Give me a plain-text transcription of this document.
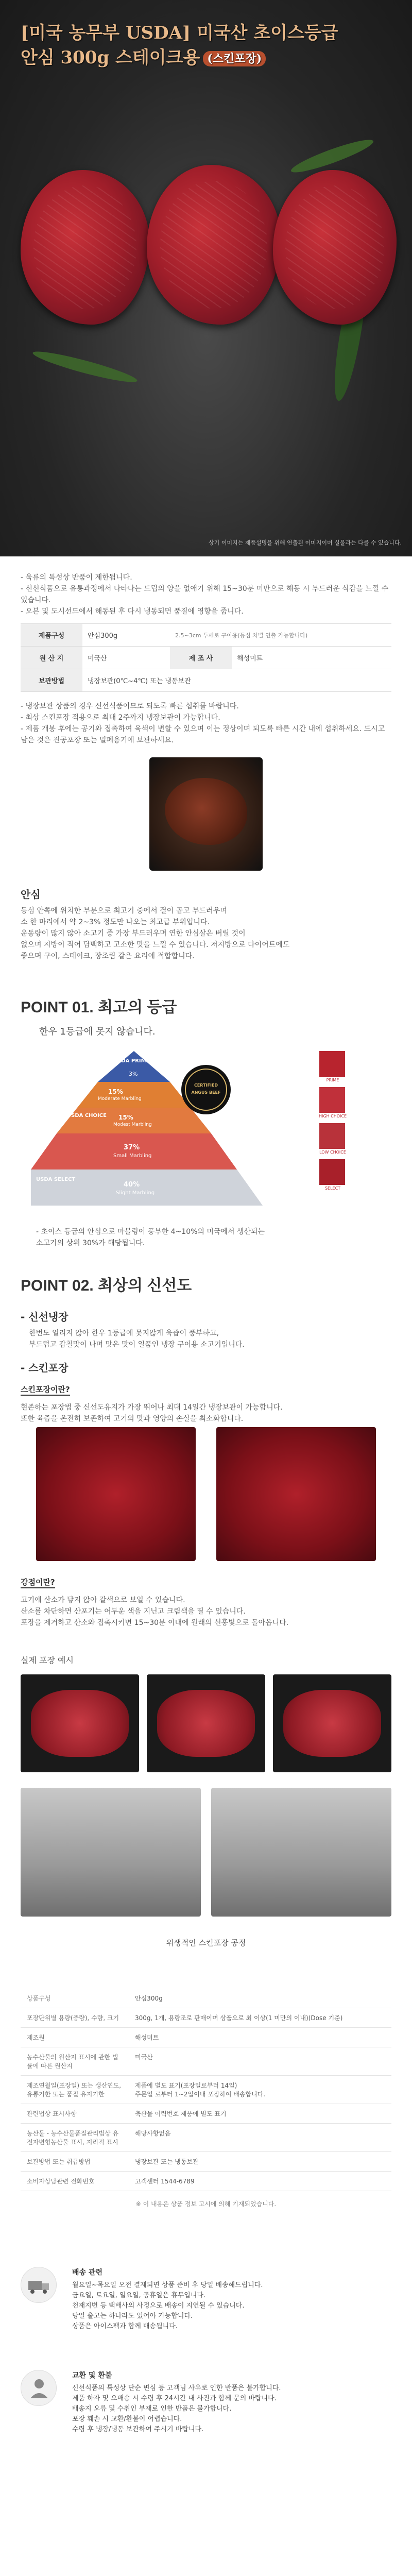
[미국 농무부 USDA] 미국산 초이스등급
안심 300g 스테이크용 (스킨포장)
상기 이미지는 제품설명을 위해 연출된 이미지이며 실물과는 다를 수 있습니다.

- 육류의 특성상 반품이 제한됩니다.

- 신선식품으로 유통과정에서 나타나는 드립의 양을 없애기 위해 15~30분 미만으로 해동 시 부드러운 식감을 느낄 수 있습니다.

- 오븐 및 도시선드에서 해동된 후 다시 냉동되면 품질에 영향을 줍니다.

제품구성	안심300g	2.5~3cm 두께로 구이용(등심 차별 연출 가능합니다)	
원 산 지	미국산	제 조 사	해성미트
보관방법	냉장보관(0℃~4℃) 또는 냉동보관		

- 냉장보관 상품의 경우 신선식품이므로 되도록 빠른 섭취를 바랍니다.

- 최상 스킨포장 적용으로 최대 2주까지 냉장보관이 가능합니다.

- 제품 개봉 후에는 공기와 접촉하여 육색이 변할 수 있으며 이는 정상이며 되도록 빠른 시간 내에 섭취하세요. 드시고 남은 것은 진공포장 또는 밀폐용기에 보관하세요.

안심

등심 안쪽에 위치한 부분으로 최고기 중에서 결이 곱고 부드러우며

소 한 마리에서 약 2~3% 정도만 나오는 최고급 부위입니다.

운동량이 많지 않아 소고기 중 가장 부드러우며 연한 안심살은 버릴 것이

없으며 지방이 적어 담백하고 고소한 맛을 느낄 수 있습니다. 저지방으로 다이어트에도

좋으며 구이, 스테이크, 장조림 같은 요리에 적합합니다.

POINT 01. 최고의 등급
한우 1등급에 못지 않습니다.
USDA PRIME
3%
15%
Moderate Marbling
USDA CHOICE 15%
Modest Marbling
37%
Small Marbling
USDA SELECT
40%
Slight Marbling
CERTIFIED
ANGUS BEEF
PRIME
HIGH CHOICE
LOW CHOICE
SELECT

- 초이스 등급의 안심으로 마블링이 풍부한 4~10%의 미국에서 생산되는

소고기의 상위 30%가 해당됩니다.

POINT 02. 최상의 신선도
- 신선냉장

한번도 얼리지 않아 한우 1등급에 못지않게 육즙이 풍부하고,

부드럽고 감칠맛이 나며 맛은 맛이 일품인 냉장 구이용 소고기입니다.

- 스킨포장
스킨포장이란?

현존하는 포장법 중 신선도유지가 가장 뛰어나 최대 14일간 냉장보관이 가능합니다.

또한 육즙을 온전히 보존하여 고기의 맛과 영양의 손실을 최소화합니다.

강점이란?

고기에 산소가 닿지 않아 갈색으로 보일 수 있습니다.

산소를 차단하면 산포기는 어두운 색을 지닌고 크림색을 띨 수 있습니다.

포장을 제거하고 산소와 접촉시키면 15~30분 이내에 원래의 선홍빛으로 돌아옵니다.

실제 포장 예시
위생적인 스킨포장 공정
상품구성	안심300g
포장단위별 용량(중량), 수량, 크기	300g, 1개, 용량조로 판매이며 상품으로 최 이상(1 미만의 이내)(Dose 기준)
제조원	해성미트
농수산물의 원산지 표시에 관한 법률에 따른 원산지	미국산
제조연월일(포장일) 또는 생산연도, 유통기한 또는 품질 유지기한	제품에 별도 표기(포장일로부터 14일)
주문일 로부터 1~2일이내 포장하여 배송합니다.
관련법상 표시사항	축산물 이력번호 제품에 별도 표기
농산물 - 농수산물품질관리법상 유전자변형농산물 표시, 지리적 표시	해당사항없음
보관방법 또는 취급방법	냉장보관 또는 냉동보관
소비자상담관련 전화번호	고객센터 1544-6789
※ 이 내용은 상품 정보 고시에 의해 기재되었습니다.
배송 관련
월요일~목요일 오전 결제되면 상품 준비 후 당일 배송해드립니다.
금요일, 토요일, 일요일, 공휴일은 휴무입니다.
천재지변 등 택배사의 사정으로 배송이 지연될 수 있습니다.
당일 출고는 하나라도 있어야 가능합니다.
상품은 아이스팩과 함께 배송됩니다.
교환 및 환불
신선식품의 특성상 단순 변심 등 고객님 사유로 인한 반품은 불가합니다.
제품 하자 및 오배송 시 수령 후 24시간 내 사진과 함께 문의 바랍니다.
배송지 오류 및 수취인 부재로 인한 반품은 불가합니다.
포장 훼손 시 교환/환불이 어렵습니다.
수령 후 냉장/냉동 보관하여 주시기 바랍니다.
